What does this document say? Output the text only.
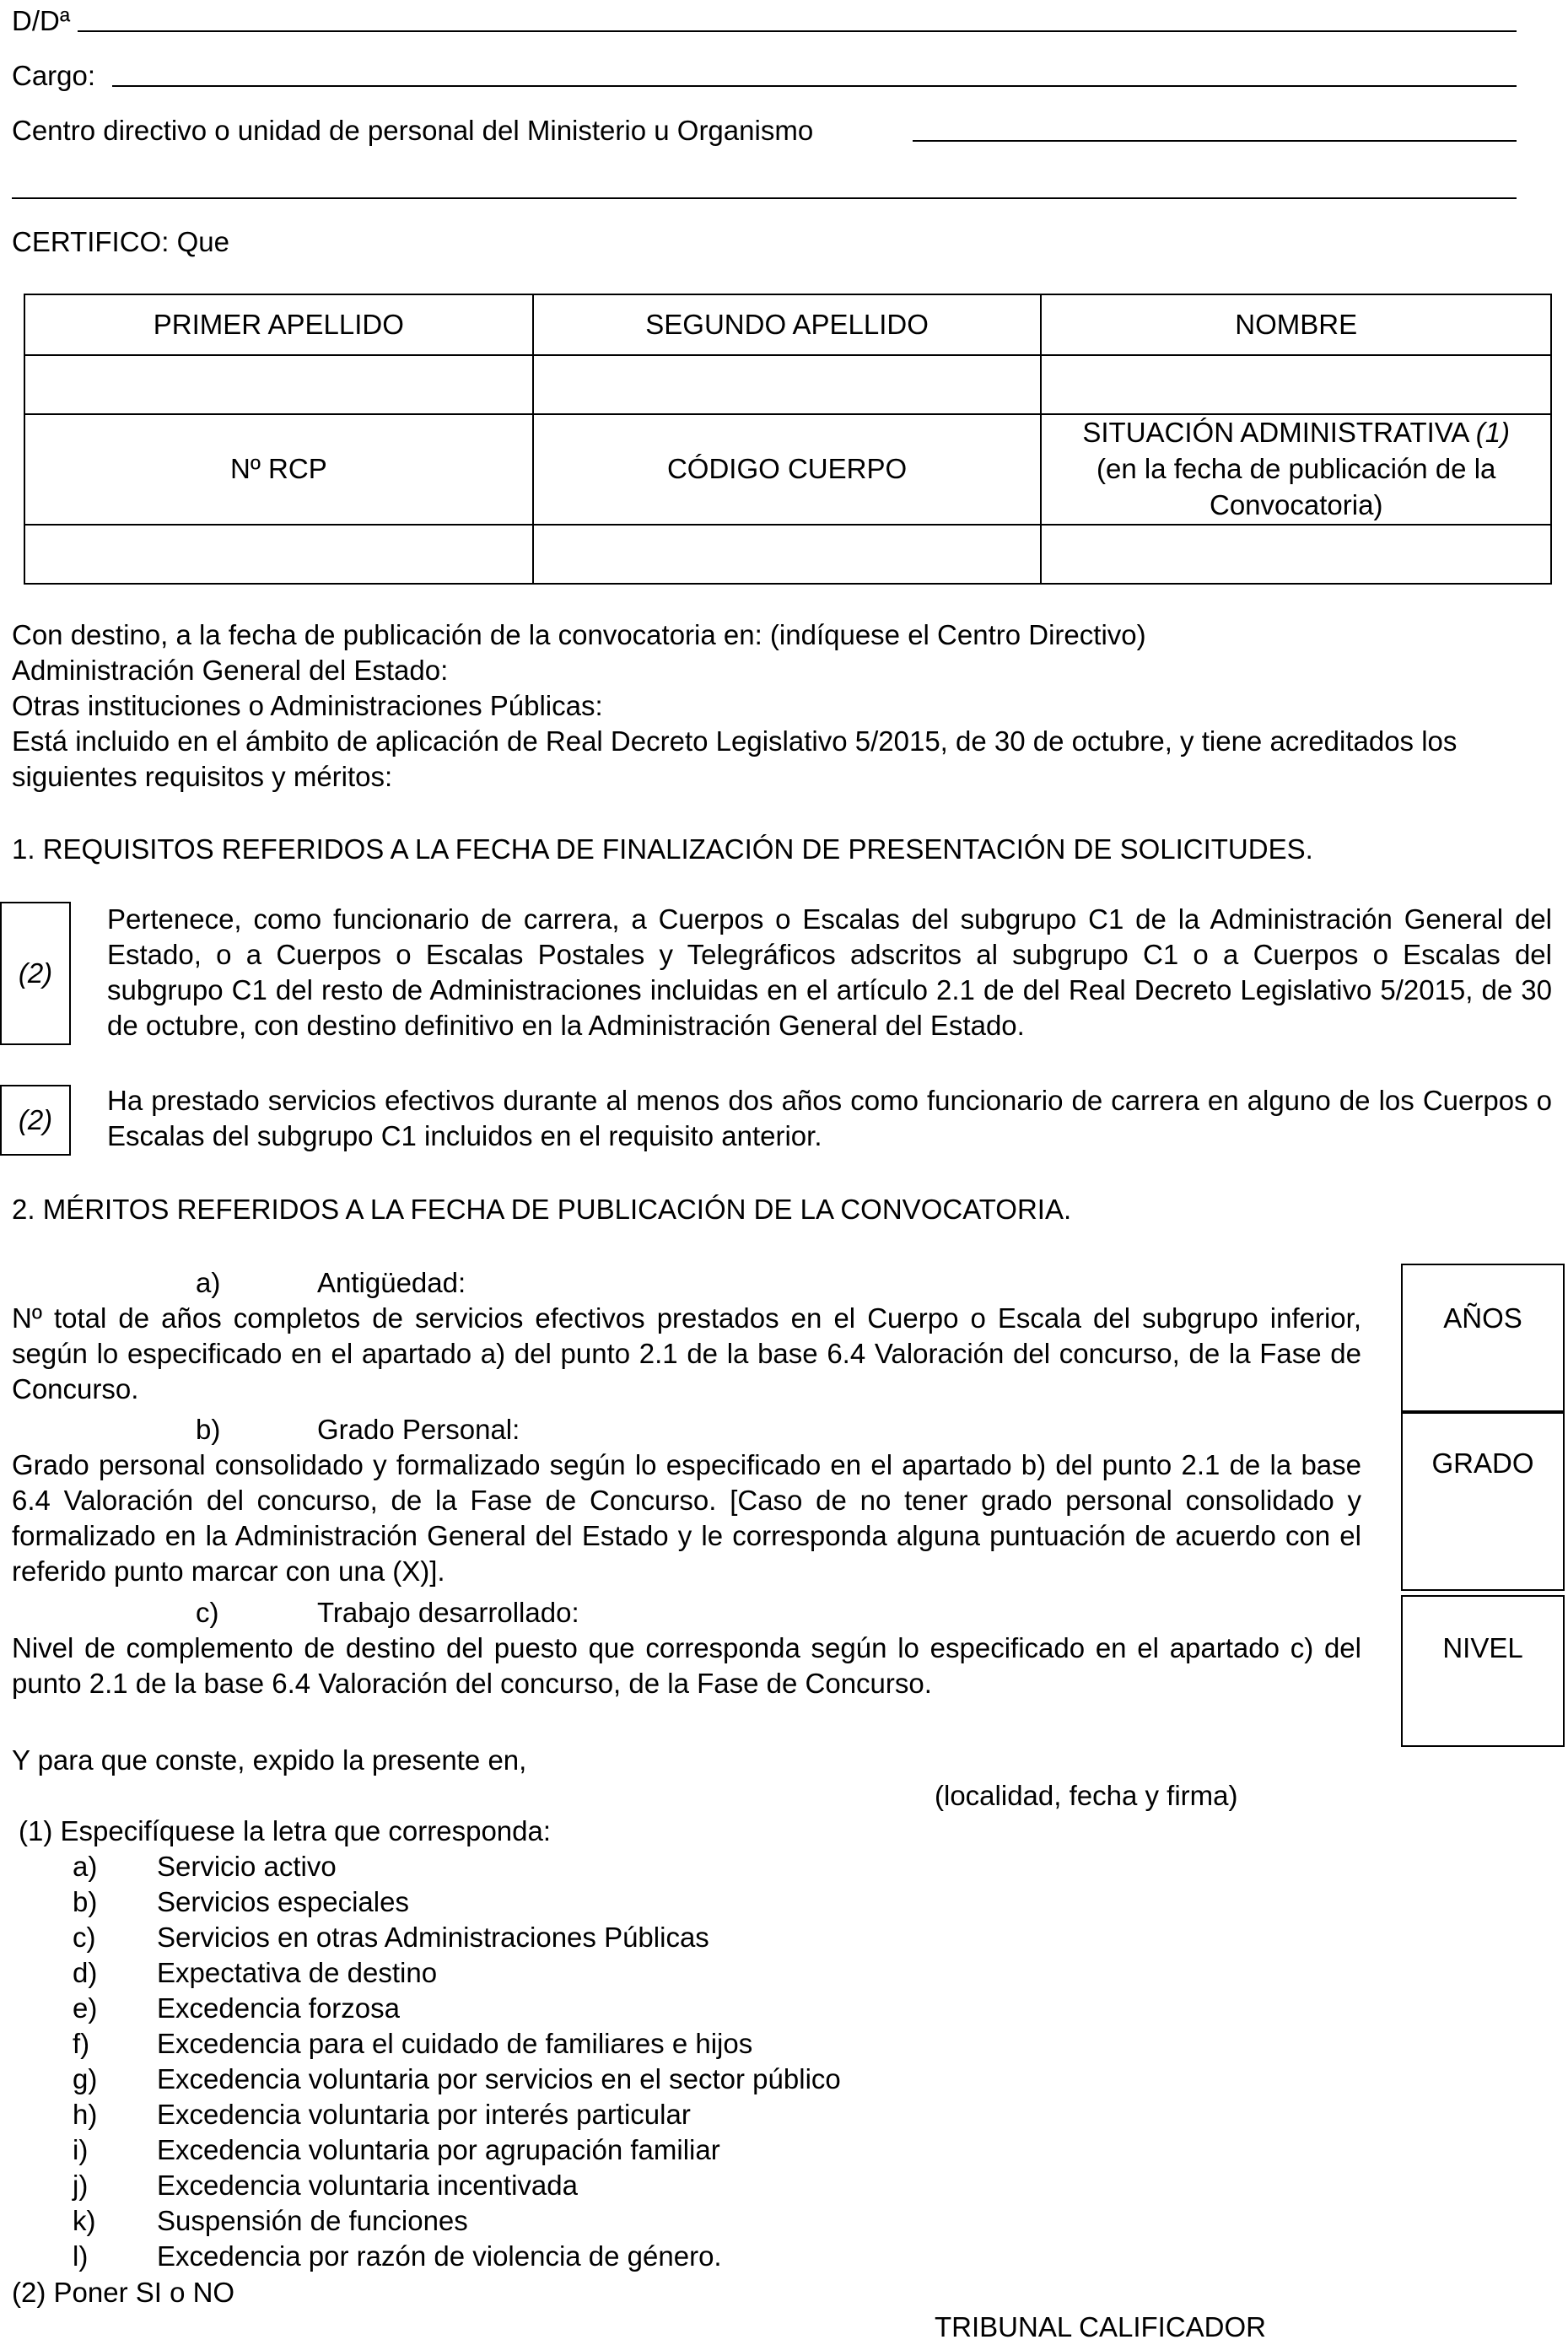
D/Dª
Cargo:
Centro directivo o unidad de personal del Ministerio u Organismo
CERTIFICO: Que
PRIMER APELLIDO	SEGUNDO APELLIDO	NOMBRE

Nº RCP	CÓDIGO CUERPO	SITUACIÓN ADMINISTRATIVA (1)
(en la fecha de publicación de la
Convocatoria)

Con destino, a la fecha de publicación de la convocatoria en: (indíquese el Centro Directivo)
Administración General del Estado:
Otras instituciones o Administraciones Públicas:
Está incluido en el ámbito de aplicación de Real Decreto Legislativo 5/2015, de 30 de octubre, y tiene acreditados los siguientes requisitos y méritos:
1. REQUISITOS REFERIDOS A LA FECHA DE FINALIZACIÓN DE PRESENTACIÓN DE SOLICITUDES.
(2)
Pertenece, como funcionario de carrera, a Cuerpos o Escalas del subgrupo C1 de la Administración General del Estado, o a Cuerpos o Escalas Postales y Telegráficos adscritos al subgrupo C1 o a Cuerpos o Escalas del subgrupo C1 del resto de Administraciones incluidas en el artículo 2.1 de del Real Decreto Legislativo 5/2015, de 30 de octubre, con destino definitivo en la Administración General del Estado.
(2)
Ha prestado servicios efectivos durante al menos dos años como funcionario de carrera en alguno de los Cuerpos o Escalas del subgrupo C1 incluidos en el requisito anterior.
2. MÉRITOS REFERIDOS A LA FECHA DE PUBLICACIÓN DE LA CONVOCATORIA.
a)	Antigüedad:
Nº total de años completos de servicios efectivos prestados en el Cuerpo o Escala del subgrupo inferior, según lo especificado en el apartado a) del punto 2.1 de la base 6.4 Valoración del concurso, de la Fase de Concurso.
b)	Grado Personal:
Grado personal consolidado y formalizado según lo especificado en el apartado b) del punto 2.1 de la base 6.4 Valoración del concurso, de la Fase de Concurso. [Caso de no tener grado personal consolidado y formalizado en la Administración General del Estado y le corresponda alguna puntuación de acuerdo con el referido punto marcar con una (X)].
c)	Trabajo desarrollado:
Nivel de complemento de destino del puesto que corresponda según lo especificado en el apartado c) del punto 2.1 de la base 6.4 Valoración del concurso, de la Fase de Concurso.
AÑOS
GRADO
NIVEL
Y para que conste, expido la presente en,
(localidad, fecha y firma)
(1) Especifíquese la letra que corresponda:
a) Servicio activo
b) Servicios especiales
c) Servicios en otras Administraciones Públicas
d) Expectativa de destino
e) Excedencia forzosa
f) Excedencia para el cuidado de familiares e hijos
g) Excedencia voluntaria por servicios en el sector público
h) Excedencia voluntaria por interés particular
i) Excedencia voluntaria por agrupación familiar
j) Excedencia voluntaria incentivada
k) Suspensión de funciones
l) Excedencia por razón de violencia de género.
(2) Poner SI o NO
TRIBUNAL CALIFICADOR
